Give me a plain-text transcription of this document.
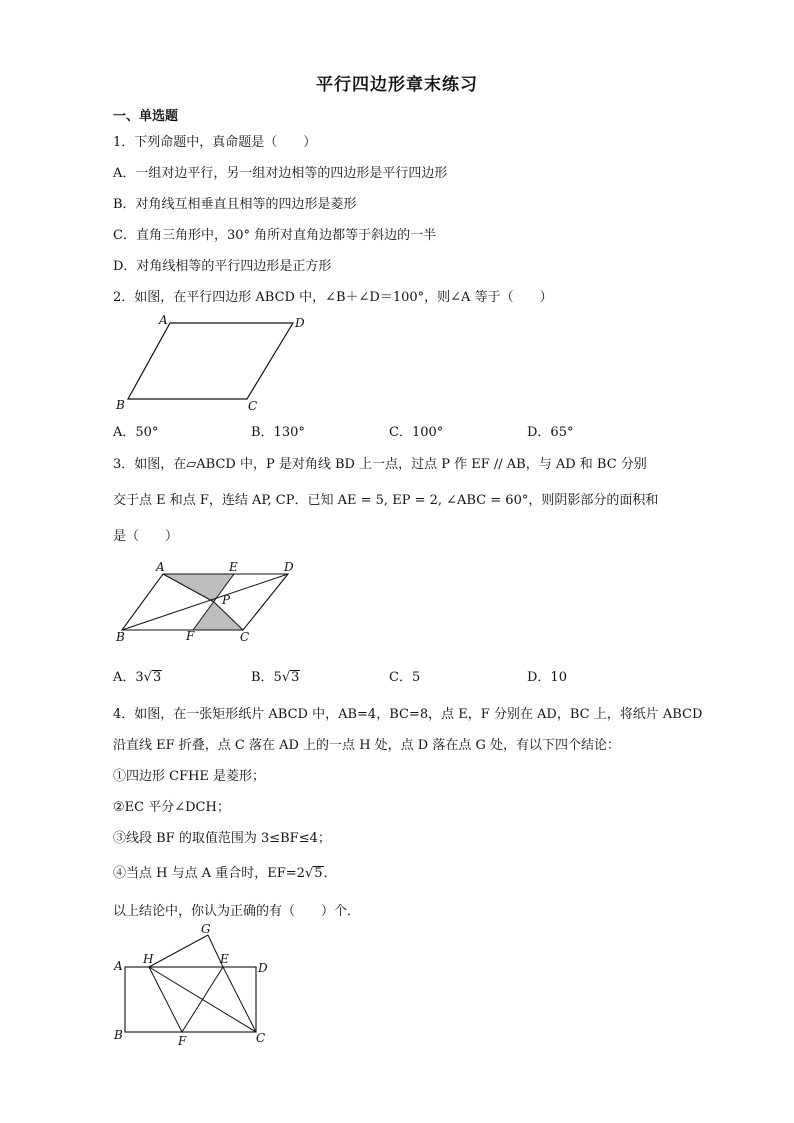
平行四边形章末练习
一、单选题
1．下列命题中，真命题是（　　）
A．一组对边平行，另一组对边相等的四边形是平行四边形
B．对角线互相垂直且相等的四边形是菱形
C．直角三角形中，30° 角所对直角边都等于斜边的一半
D．对角线相等的平行四边形是正方形
2．如图，在平行四边形 ABCD 中，∠B＋∠D＝100°，则∠A 等于（　　）
A	D
B	C
A．50°	B．130°	C．100°	D．65°
3．如图，在▱ABCD 中，P 是对角线 BD 上一点，过点 P 作 EF // AB，与 AD 和 BC 分别
交于点 E 和点 F，连结 AP, CP．已知 AE = 5, EP = 2, ∠ABC = 60°，则阴影部分的面积和
是（　　）
A	E	D
P
B	F	C
A．3√3	B．5√3	C．5	D．10
4．如图，在一张矩形纸片 ABCD 中，AB=4，BC=8，点 E，F 分别在 AD，BC 上，将纸片 ABCD
沿直线 EF 折叠，点 C 落在 AD 上的一点 H 处，点 D 落在点 G 处，有以下四个结论：
①四边形 CFHE 是菱形；
②EC 平分∠DCH；
③线段 BF 的取值范围为 3≤BF≤4；
④当点 H 与点 A 重合时，EF=2√5．
以上结论中，你认为正确的有（　　）个．
G
A H	E
D
B	F	C
